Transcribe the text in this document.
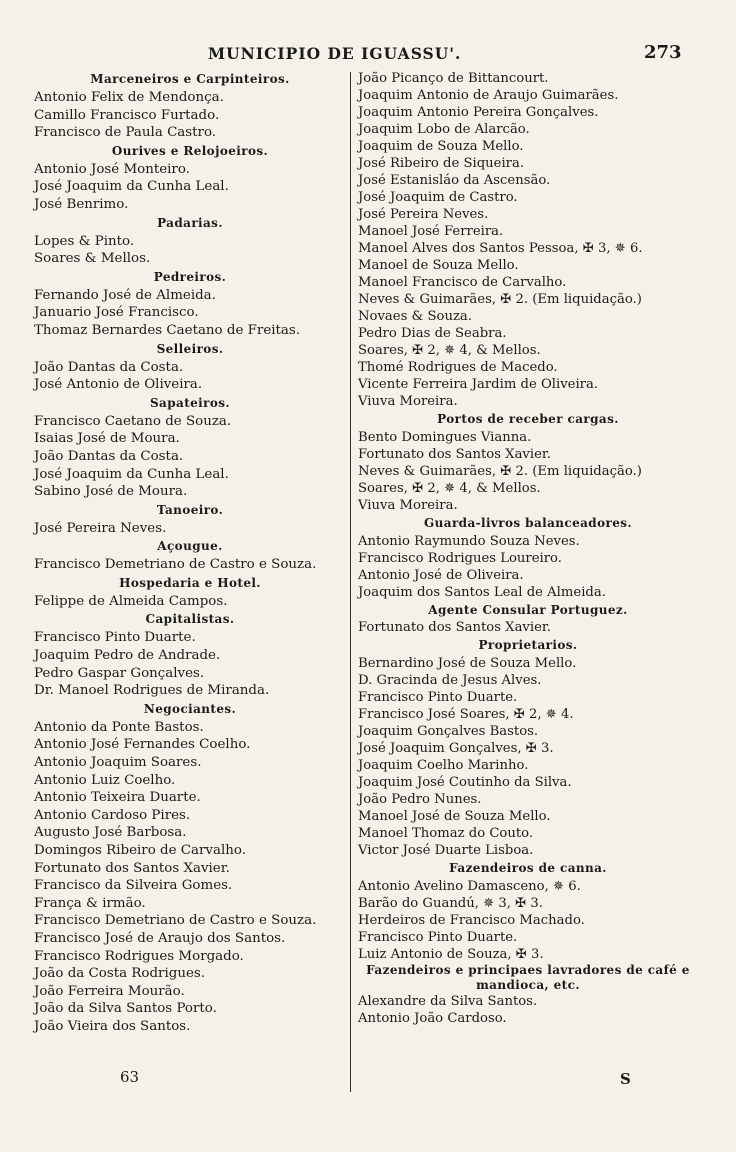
MUNICIPIO DE IGUASSU'.	273
Marceneiros e Carpinteiros.
Antonio Felix de Mendonça.
Camillo Francisco Furtado.
Francisco de Paula Castro.
Ourives e Relojoeiros.
Antonio José Monteiro.
José Joaquim da Cunha Leal.
José Benrimo.
Padarias.
Lopes & Pinto.
Soares & Mellos.
Pedreiros.
Fernando José de Almeida.
Januario José Francisco.
Thomaz Bernardes Caetano de Freitas.
Selleiros.
João Dantas da Costa.
José Antonio de Oliveira.
Sapateiros.
Francisco Caetano de Souza.
Isaias José de Moura.
João Dantas da Costa.
José Joaquim da Cunha Leal.
Sabino José de Moura.
Tanoeiro.
José Pereira Neves.
Açougue.
Francisco Demetriano de Castro e Souza.
Hospedaria e Hotel.
Felippe de Almeida Campos.
Capitalistas.
Francisco Pinto Duarte.
Joaquim Pedro de Andrade.
Pedro Gaspar Gonçalves.
Dr. Manoel Rodrigues de Miranda.
Negociantes.
Antonio da Ponte Bastos.
Antonio José Fernandes Coelho.
Antonio Joaquim Soares.
Antonio Luiz Coelho.
Antonio Teixeira Duarte.
Antonio Cardoso Pires.
Augusto José Barbosa.
Domingos Ribeiro de Carvalho.
Fortunato dos Santos Xavier.
Francisco da Silveira Gomes.
França & irmão.
Francisco Demetriano de Castro e Souza.
Francisco José de Araujo dos Santos.
Francisco Rodrigues Morgado.
João da Costa Rodrigues.
João Ferreira Mourão.
João da Silva Santos Porto.
João Vieira dos Santos.
João Picanço de Bittancourt.
Joaquim Antonio de Araujo Guimarães.
Joaquim Antonio Pereira Gonçalves.
Joaquim Lobo de Alarcão.
Joaquim de Souza Mello.
José Ribeiro de Siqueira.
José Estanisláo da Ascensão.
José Joaquim de Castro.
José Pereira Neves.
Manoel José Ferreira.
Manoel Alves dos Santos Pessoa, ✠ 3, ✵ 6.
Manoel de Souza Mello.
Manoel Francisco de Carvalho.
Neves & Guimarães, ✠ 2. (Em liquidação.)
Novaes & Souza.
Pedro Dias de Seabra.
Soares, ✠ 2, ✵ 4, & Mellos.
Thomé Rodrigues de Macedo.
Vicente Ferreira Jardim de Oliveira.
Viuva Moreira.
Portos de receber cargas.
Bento Domingues Vianna.
Fortunato dos Santos Xavier.
Neves & Guimarães, ✠ 2. (Em liquidação.)
Soares, ✠ 2, ✵ 4, & Mellos.
Viuva Moreira.
Guarda-livros balanceadores.
Antonio Raymundo Souza Neves.
Francisco Rodrigues Loureiro.
Antonio José de Oliveira.
Joaquim dos Santos Leal de Almeida.
Agente Consular Portuguez.
Fortunato dos Santos Xavier.
Proprietarios.
Bernardino José de Souza Mello.
D. Gracinda de Jesus Alves.
Francisco Pinto Duarte.
Francisco José Soares, ✠ 2, ✵ 4.
Joaquim Gonçalves Bastos.
José Joaquim Gonçalves, ✠ 3.
Joaquim Coelho Marinho.
Joaquim José Coutinho da Silva.
João Pedro Nunes.
Manoel José de Souza Mello.
Manoel Thomaz do Couto.
Victor José Duarte Lisboa.
Fazendeiros de canna.
Antonio Avelino Damasceno, ✵ 6.
Barão do Guandú, ✵ 3, ✠ 3.
Herdeiros de Francisco Machado.
Francisco Pinto Duarte.
Luiz Antonio de Souza, ✠ 3.
Fazendeiros e principaes lavradores de café e mandioca, etc.
Alexandre da Silva Santos.
Antonio João Cardoso.
63	S
